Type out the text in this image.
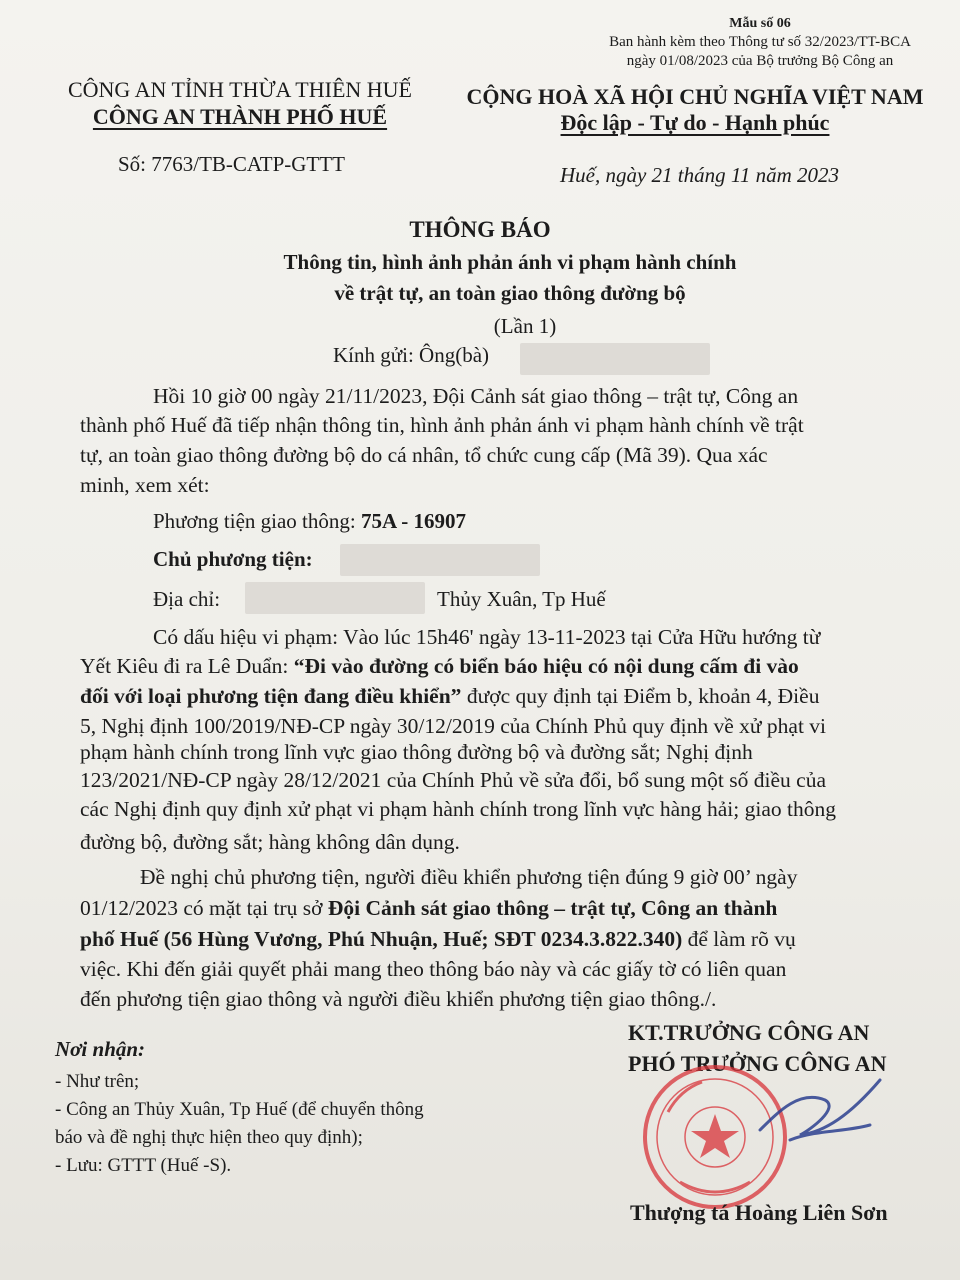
Mẫu số 06
Ban hành kèm theo Thông tư số 32/2023/TT-BCA
ngày 01/08/2023 của Bộ trưởng Bộ Công an
CÔNG AN TỈNH THỪA THIÊN HUẾ
CÔNG AN THÀNH PHỐ HUẾ
CỘNG HOÀ XÃ HỘI CHỦ NGHĨA VIỆT NAM
Độc lập - Tự do - Hạnh phúc
Số: 7763/TB-CATP-GTTT	Huế, ngày 21 tháng 11 năm 2023
THÔNG BÁO
Thông tin, hình ảnh phản ánh vi phạm hành chính
về trật tự, an toàn giao thông đường bộ
(Lần 1)
Kính gửi: Ông(bà)
Hồi 10 giờ 00 ngày 21/11/2023, Đội Cảnh sát giao thông – trật tự, Công an
thành phố Huế đã tiếp nhận thông tin, hình ảnh phản ánh vi phạm hành chính về trật
tự, an toàn giao thông đường bộ do cá nhân, tổ chức cung cấp (Mã 39). Qua xác
minh, xem xét:
Phương tiện giao thông: 75A - 16907
Chủ phương tiện:
Địa chỉ:	Thủy Xuân, Tp Huế
Có dấu hiệu vi phạm: Vào lúc 15h46' ngày 13-11-2023 tại Cửa Hữu hướng từ
Yết Kiêu đi ra Lê Duẩn: “Đi vào đường có biển báo hiệu có nội dung cấm đi vào
đối với loại phương tiện đang điều khiển” được quy định tại Điểm b, khoản 4, Điều
5, Nghị định 100/2019/NĐ-CP ngày 30/12/2019 của Chính Phủ quy định về xử phạt vi
phạm hành chính trong lĩnh vực giao thông đường bộ và đường sắt; Nghị định
123/2021/NĐ-CP ngày 28/12/2021 của Chính Phủ về sửa đổi, bổ sung một số điều của
các Nghị định quy định xử phạt vi phạm hành chính trong lĩnh vực hàng hải; giao thông
đường bộ, đường sắt; hàng không dân dụng.
Đề nghị chủ phương tiện, người điều khiển phương tiện đúng 9 giờ 00’ ngày
01/12/2023 có mặt tại trụ sở Đội Cảnh sát giao thông – trật tự, Công an thành
phố Huế (56 Hùng Vương, Phú Nhuận, Huế; SĐT 0234.3.822.340) để làm rõ vụ
việc. Khi đến giải quyết phải mang theo thông báo này và các giấy tờ có liên quan
đến phương tiện giao thông và người điều khiển phương tiện giao thông./.
Nơi nhận:
- Như trên;
- Công an Thủy Xuân, Tp Huế (để chuyển thông
báo và đề nghị thực hiện theo quy định);
- Lưu: GTTT (Huế -S).
KT.TRƯỞNG CÔNG AN
PHÓ TRƯỞNG CÔNG AN
Thượng tá Hoàng Liên Sơn
